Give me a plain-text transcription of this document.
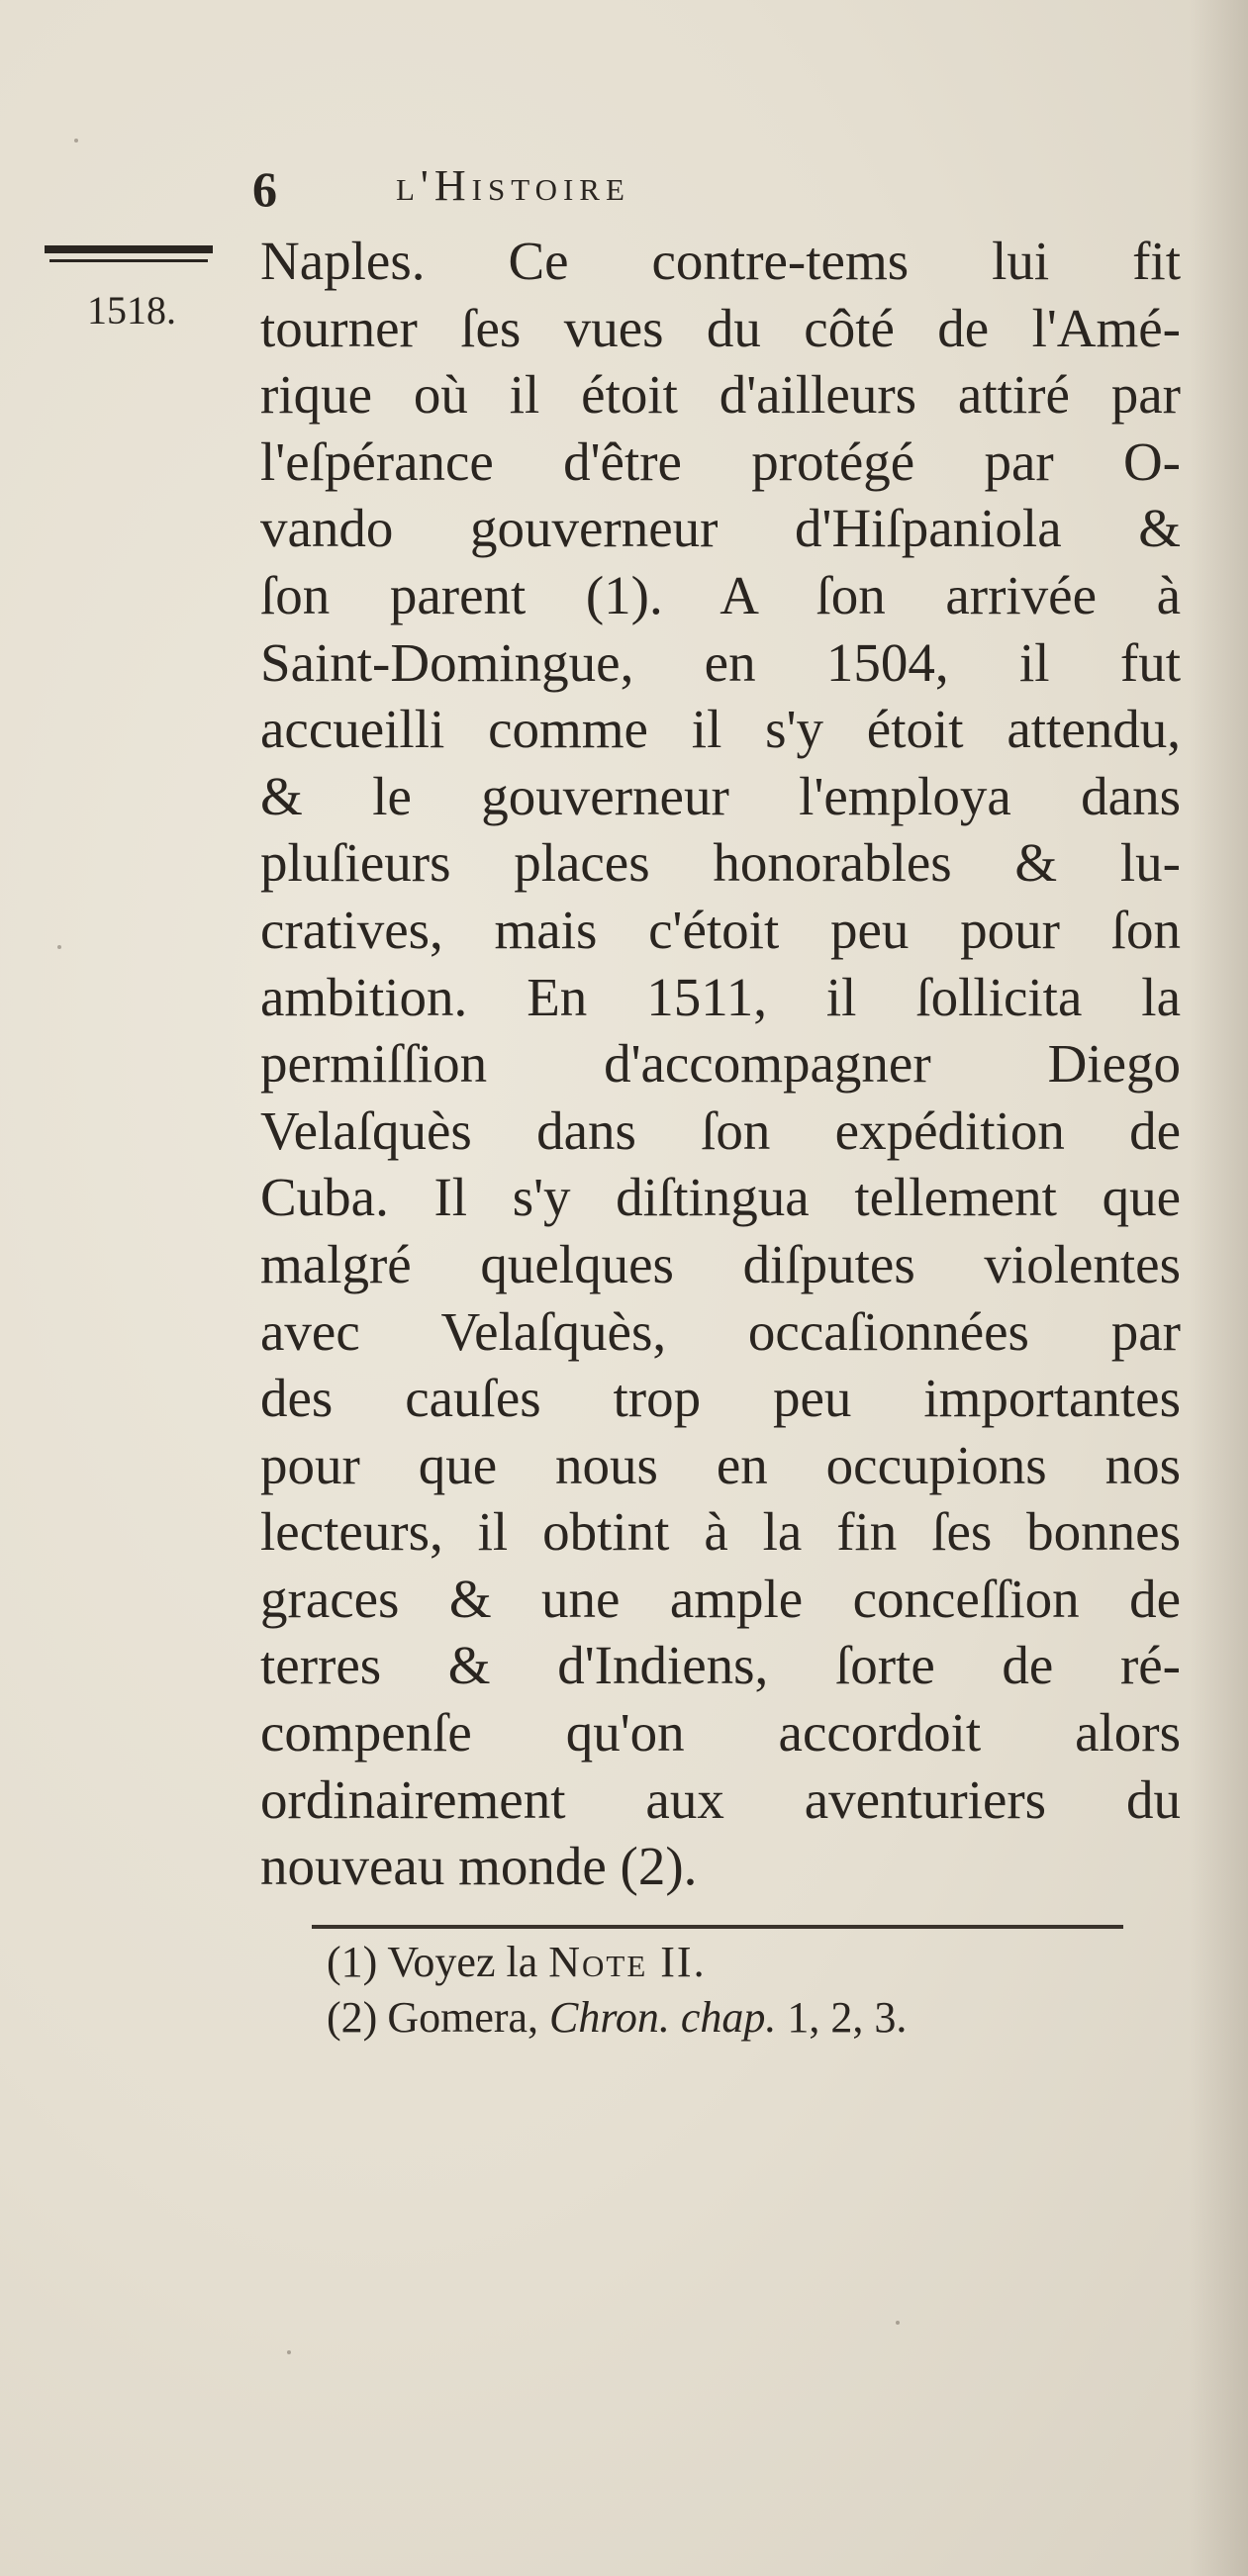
6	l'Histoire
1518.
Naples. Ce contre-tems lui fit
tourner ſes vues du côté de l'Amé-
rique où il étoit d'ailleurs attiré par
l'eſpérance d'être protégé par O-
vando gouverneur d'Hiſpaniola &
ſon parent (1). A ſon arrivée à
Saint-Domingue, en 1504, il fut
accueilli comme il s'y étoit attendu,
& le gouverneur l'employa dans
pluſieurs places honorables & lu-
cratives, mais c'étoit peu pour ſon
ambition. En 1511, il ſollicita la
permiſſion d'accompagner Diego
Velaſquès dans ſon expédition de
Cuba. Il s'y diſtingua tellement que
malgré quelques diſputes violentes
avec Velaſquès, occaſionnées par
des cauſes trop peu importantes
pour que nous en occupions nos
lecteurs, il obtint à la fin ſes bonnes
graces & une ample conceſſion de
terres & d'Indiens, ſorte de ré-
compenſe qu'on accordoit alors
ordinairement aux aventuriers du
nouveau monde (2).
(1) Voyez la Note II.
(2) Gomera, Chron. chap. 1, 2, 3.
